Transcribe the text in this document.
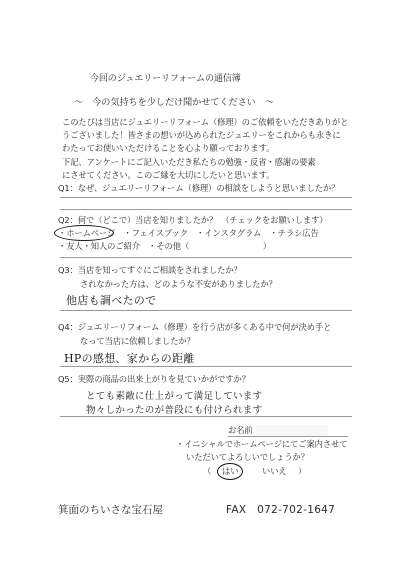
今回のジュエリーリフォームの通信簿
〜　今の気持ちを少しだけ聞かせてください　〜
このたびは当店にジュエリーリフォーム（修理）のご依頼をいただきありがと
うございました！皆さまの想いが込められたジュエリーをこれからも永きに
わたってお使いいただけることを心より願っております。
下記、アンケートにご記入いただき私たちの勉強・反省・感謝の要素
にさせてください。このご縁を大切にしたいと思います。
Q1：なぜ、ジュエリーリフォーム（修理）の相談をしようと思いましたか？
Q2：何で（どこで）当店を知りましたか？　（チェックをお願いします）
・ホームページ　・フェイスブック　・インスタグラム　・チラシ広告
・友人・知人のご紹介　・その他（　　　　　　　　　）
Q3：当店を知ってすぐにご相談をされましたか？
されなかった方は、どのような不安がありましたか？
他店も調べたので
Q4：ジュエリーリフォーム（修理）を行う店が多くある中で何が決め手と
なって当店に依頼しましたか？
HPの感想、家からの距離
Q5：実際の商品の出来上がりを見ていかがですか？
とても素敵に仕上がって満足しています
物々しかったのが普段にも付けられます
お名前
・イニシャルでホームページにてご案内させて
いただいてよろしいでしょうか？
（ はい	いいえ ）
箕面のちいさな宝石屋	FAX　072-702-1647
